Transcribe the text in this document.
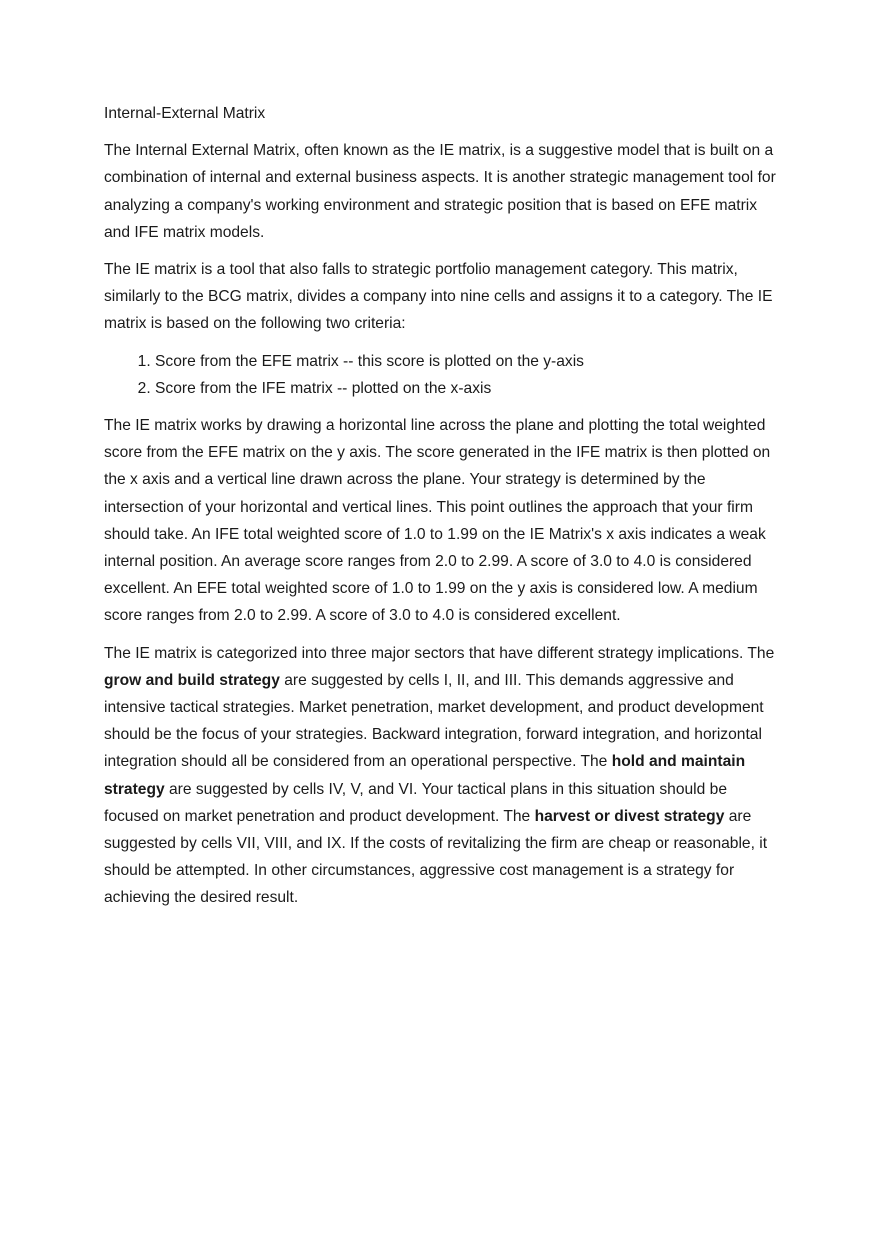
Internal-External Matrix

The Internal External Matrix, often known as the IE matrix, is a suggestive model that is built on a combination of internal and external business aspects. It is another strategic management tool for analyzing a company's working environment and strategic position that is based on EFE matrix and IFE matrix models.

The IE matrix is a tool that also falls to strategic portfolio management category. This matrix, similarly to the BCG matrix, divides a company into nine cells and assigns it to a category. The IE matrix is based on the following two criteria:

1. Score from the EFE matrix -- this score is plotted on the y-axis
2. Score from the IFE matrix -- plotted on the x-axis

The IE matrix works by drawing a horizontal line across the plane and plotting the total weighted score from the EFE matrix on the y axis. The score generated in the IFE matrix is then plotted on the x axis and a vertical line drawn across the plane. Your strategy is determined by the intersection of your horizontal and vertical lines. This point outlines the approach that your firm should take. An IFE total weighted score of 1.0 to 1.99 on the IE Matrix's x axis indicates a weak internal position. An average score ranges from 2.0 to 2.99. A score of 3.0 to 4.0 is considered excellent. An EFE total weighted score of 1.0 to 1.99 on the y axis is considered low. A medium score ranges from 2.0 to 2.99. A score of 3.0 to 4.0 is considered excellent.

The IE matrix is categorized into three major sectors that have different strategy implications. The grow and build strategy are suggested by cells I, II, and III. This demands aggressive and intensive tactical strategies. Market penetration, market development, and product development should be the focus of your strategies. Backward integration, forward integration, and horizontal integration should all be considered from an operational perspective. The hold and maintain strategy are suggested by cells IV, V, and VI. Your tactical plans in this situation should be focused on market penetration and product development. The harvest or divest strategy are suggested by cells VII, VIII, and IX. If the costs of revitalizing the firm are cheap or reasonable, it should be attempted. In other circumstances, aggressive cost management is a strategy for achieving the desired result.
